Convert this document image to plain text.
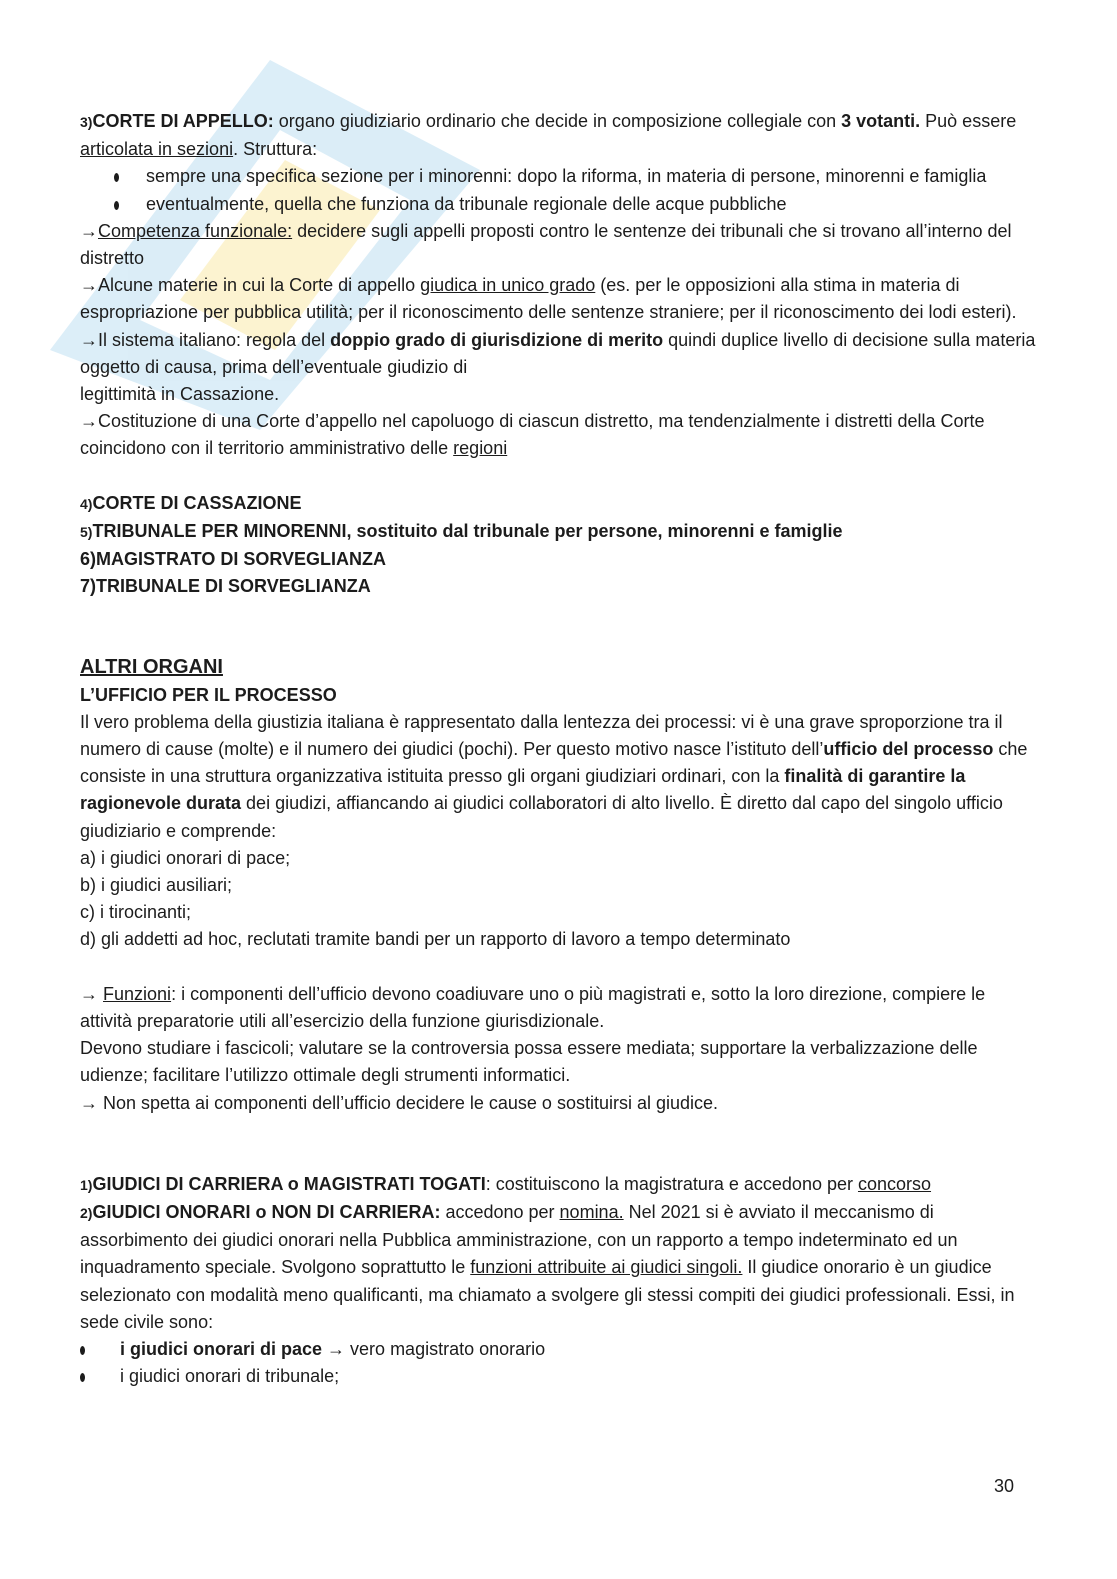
3)CORTE DI APPELLO: organo giudiziario ordinario che decide in composizione collegiale con 3 votanti. Può essere articolata in sezioni. Struttura:

sempre una specifica sezione per i minorenni: dopo la riforma, in materia di persone, minorenni e famiglia
eventualmente, quella che funziona da tribunale regionale delle acque pubbliche

→Competenza funzionale: decidere sugli appelli proposti contro le sentenze dei tribunali che si trovano all’interno del distretto

→Alcune materie in cui la Corte di appello giudica in unico grado (es. per le opposizioni alla stima in materia di espropriazione per pubblica utilità; per il riconoscimento delle sentenze straniere; per il riconoscimento dei lodi esteri).

→Il sistema italiano: regola del doppio grado di giurisdizione di merito quindi duplice livello di decisione sulla materia oggetto di causa, prima dell’eventuale giudizio di
legittimità in Cassazione.

→Costituzione di una Corte d’appello nel capoluogo di ciascun distretto, ma tendenzialmente i distretti della Corte coincidono con il territorio amministrativo delle regioni

4)CORTE DI CASSAZIONE

5)TRIBUNALE PER MINORENNI, sostituito dal tribunale per persone, minorenni e famiglie

6)MAGISTRATO DI SORVEGLIANZA

7)TRIBUNALE DI SORVEGLIANZA

ALTRI ORGANI

L’UFFICIO PER IL PROCESSO

Il vero problema della giustizia italiana è rappresentato dalla lentezza dei processi: vi è una grave sproporzione tra il numero di cause (molte) e il numero dei giudici (pochi). Per questo motivo nasce l’istituto dell’ufficio del processo che consiste in una struttura organizzativa istituita presso gli organi giudiziari ordinari, con la finalità di garantire la ragionevole durata dei giudizi, affiancando ai giudici collaboratori di alto livello. È diretto dal capo del singolo ufficio giudiziario e comprende:

a) i giudici onorari di pace;

b) i giudici ausiliari;

c) i tirocinanti;

d) gli addetti ad hoc, reclutati tramite bandi per un rapporto di lavoro a tempo determinato

→ Funzioni: i componenti dell’ufficio devono coadiuvare uno o più magistrati e, sotto la loro direzione, compiere le attività preparatorie utili all’esercizio della funzione giurisdizionale.

Devono studiare i fascicoli; valutare se la controversia possa essere mediata; supportare la verbalizzazione delle udienze; facilitare l’utilizzo ottimale degli strumenti informatici.

→ Non spetta ai componenti dell’ufficio decidere le cause o sostituirsi al giudice.

1)GIUDICI DI CARRIERA o MAGISTRATI TOGATI: costituiscono la magistratura e accedono per concorso

2)GIUDICI ONORARI o NON DI CARRIERA: accedono per nomina. Nel 2021 si è avviato il meccanismo di assorbimento dei giudici onorari nella Pubblica amministrazione, con un rapporto a tempo indeterminato ed un inquadramento speciale. Svolgono soprattutto le funzioni attribuite ai giudici singoli. Il giudice onorario è un giudice selezionato con modalità meno qualificanti, ma chiamato a svolgere gli stessi compiti dei giudici professionali. Essi, in sede civile sono:

i giudici onorari di pace → vero magistrato onorario
i giudici onorari di tribunale;
30
